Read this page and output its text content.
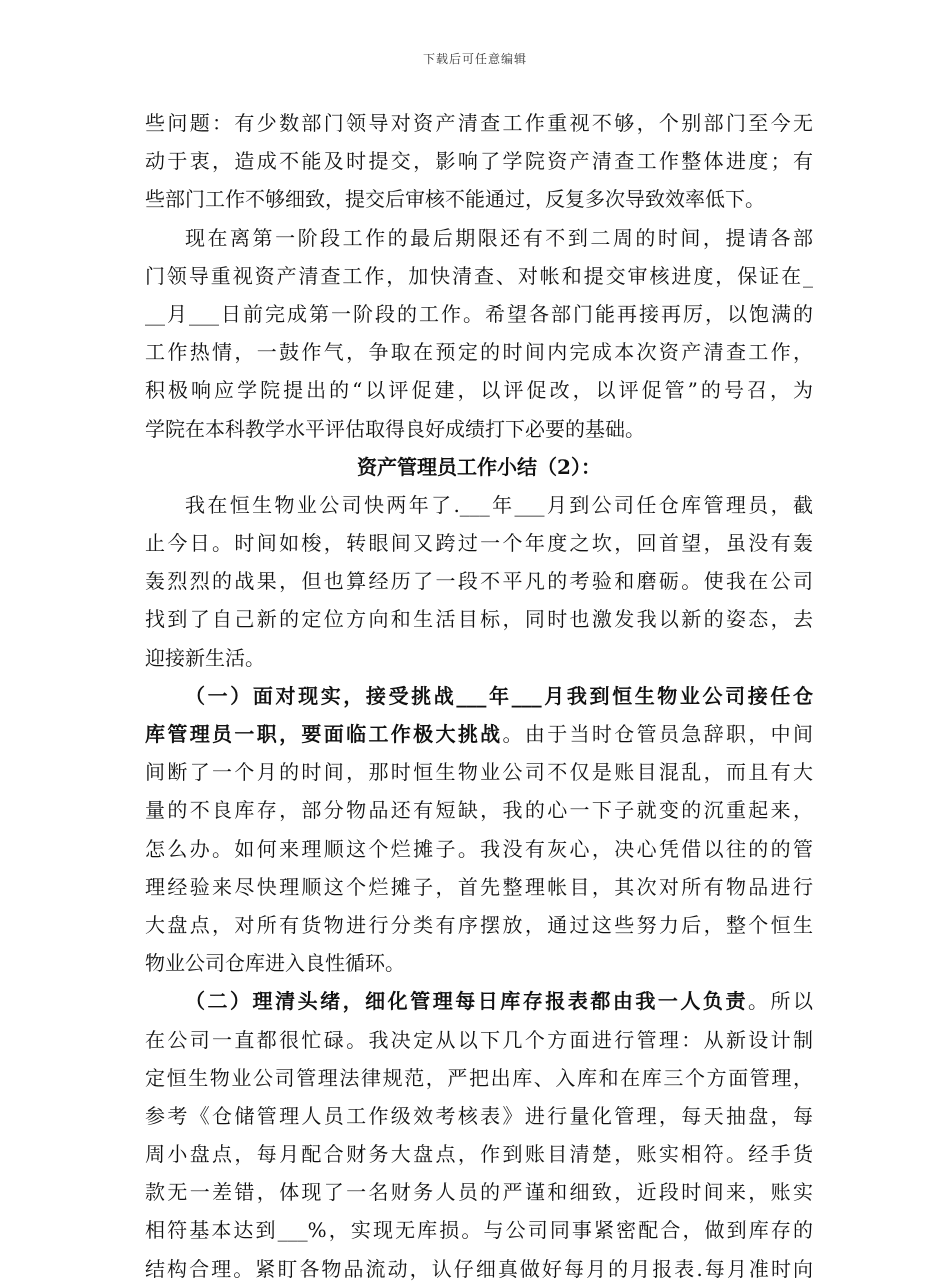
下载后可任意编辑
些问题：有少数部门领导对资产清查工作重视不够，个别部门至今无
动于衷，造成不能及时提交，影响了学院资产清查工作整体进度；有
些部门工作不够细致，提交后审核不能通过，反复多次导致效率低下。
现在离第一阶段工作的最后期限还有不到二周的时间，提请各部
门领导重视资产清查工作，加快清查、对帐和提交审核进度，保证在_
__月___日前完成第一阶段的工作。希望各部门能再接再厉，以饱满的
工作热情，一鼓作气，争取在预定的时间内完成本次资产清查工作，
积极响应学院提出的“以评促建，以评促改，以评促管”的号召，为
学院在本科教学水平评估取得良好成绩打下必要的基础。
资产管理员工作小结（2）：
我在恒生物业公司快两年了.___年___月到公司任仓库管理员，截
止今日。时间如梭，转眼间又跨过一个年度之坎，回首望，虽没有轰
轰烈烈的战果，但也算经历了一段不平凡的考验和磨砺。使我在公司
找到了自己新的定位方向和生活目标，同时也激发我以新的姿态，去
迎接新生活。
（一）面对现实，接受挑战___年___月我到恒生物业公司接任仓
库管理员一职，要面临工作极大挑战。由于当时仓管员急辞职，中间
间断了一个月的时间，那时恒生物业公司不仅是账目混乱，而且有大
量的不良库存，部分物品还有短缺，我的心一下子就变的沉重起来，
怎么办。如何来理顺这个烂摊子。我没有灰心，决心凭借以往的的管
理经验来尽快理顺这个烂摊子，首先整理帐目，其次对所有物品进行
大盘点，对所有货物进行分类有序摆放，通过这些努力后，整个恒生
物业公司仓库进入良性循环。
（二）理清头绪，细化管理每日库存报表都由我一人负责。所以
在公司一直都很忙碌。我决定从以下几个方面进行管理：从新设计制
定恒生物业公司管理法律规范，严把出库、入库和在库三个方面管理，
参考《仓储管理人员工作级效考核表》进行量化管理，每天抽盘，每
周小盘点，每月配合财务大盘点，作到账目清楚，账实相符。经手货
款无一差错，体现了一名财务人员的严谨和细致，近段时间来，账实
相符基本达到___%，实现无库损。与公司同事紧密配合，做到库存的
结构合理。紧盯各物品流动，认仔细真做好每月的月报表.每月准时向
